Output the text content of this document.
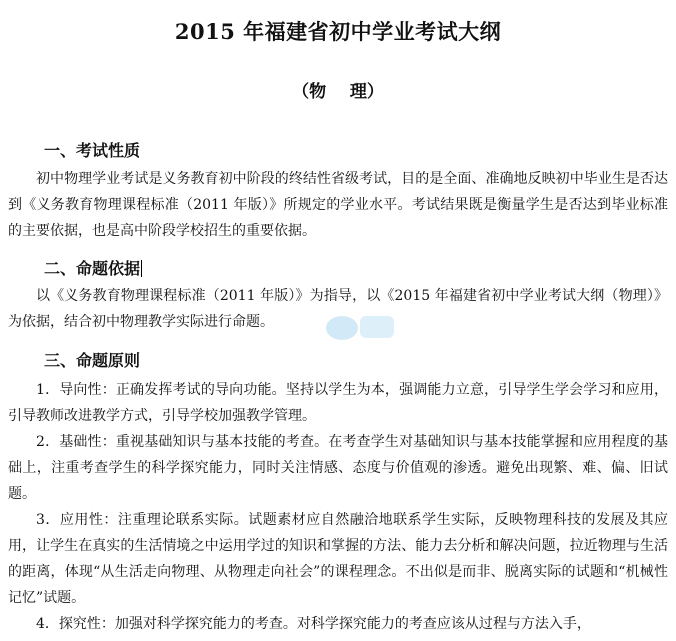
2015 年福建省初中学业考试大纲
（物    理）
一、考试性质

初中物理学业考试是义务教育初中阶段的终结性省级考试，目的是全面、准确地反映初中毕业生是否达到《义务教育物理课程标准（2011 年版）》所规定的学业水平。考试结果既是衡量学生是否达到毕业标准的主要依据，也是高中阶段学校招生的重要依据。

二、命题依据

以《义务教育物理课程标准（2011 年版）》为指导，以《2015 年福建省初中学业考试大纲（物理）》为依据，结合初中物理教学实际进行命题。

三、命题原则

1．导向性：正确发挥考试的导向功能。坚持以学生为本，强调能力立意，引导学生学会学习和应用，引导教师改进教学方式，引导学校加强教学管理。

2．基础性：重视基础知识与基本技能的考查。在考查学生对基础知识与基本技能掌握和应用程度的基础上，注重考查学生的科学探究能力，同时关注情感、态度与价值观的渗透。避免出现繁、难、偏、旧试题。

3．应用性：注重理论联系实际。试题素材应自然融洽地联系学生实际，反映物理科技的发展及其应用，让学生在真实的生活情境之中运用学过的知识和掌握的方法、能力去分析和解决问题，拉近物理与生活的距离，体现“从生活走向物理、从物理走向社会”的课程理念。不出似是而非、脱离实际的试题和“机械性记忆”试题。

4．探究性：加强对科学探究能力的考查。对科学探究能力的考查应该从过程与方法入手，
